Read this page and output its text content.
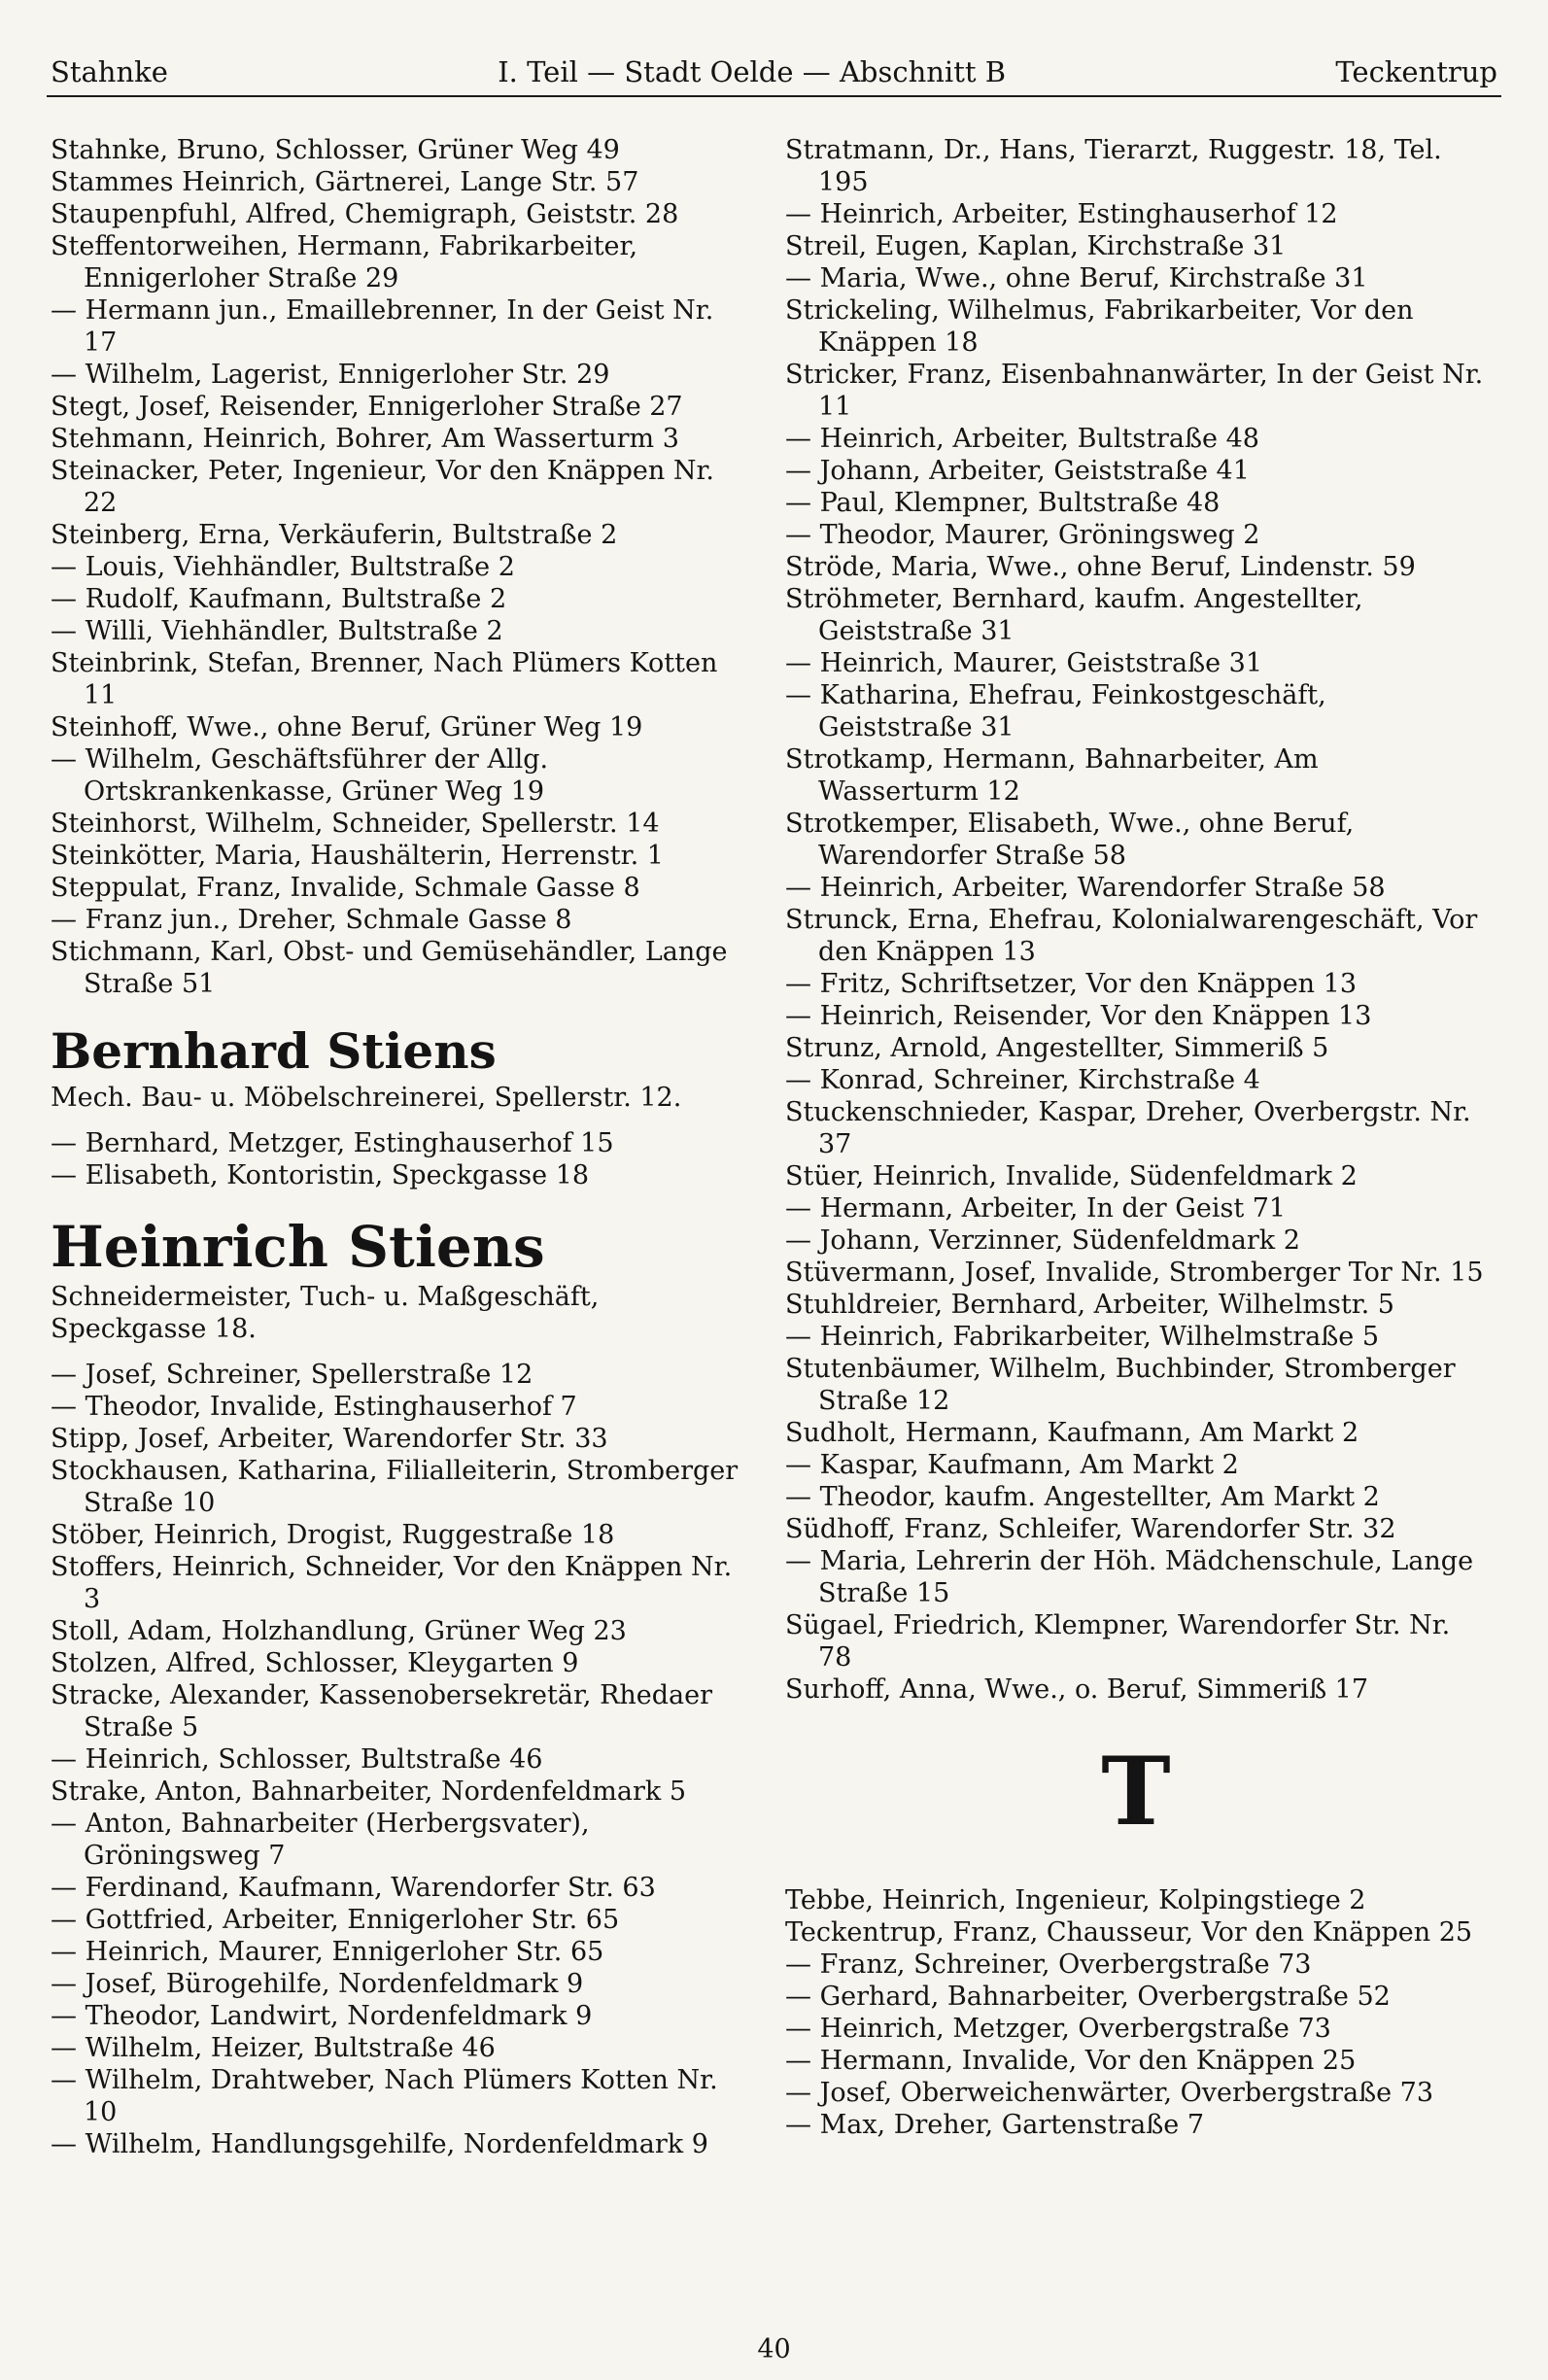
Stahnke	I. Teil — Stadt Oelde — Abschnitt B	Teckentrup
Stahnke, Bruno, Schlosser, Grüner Weg 49
Stammes Heinrich, Gärtnerei, Lange Str. 57
Staupenpfuhl, Alfred, Chemigraph, Geiststr. 28
Steffentorweihen, Hermann, Fabrikarbeiter, Ennigerloher Straße 29
— Hermann jun., Emaillebrenner, In der Geist Nr. 17
— Wilhelm, Lagerist, Ennigerloher Str. 29
Stegt, Josef, Reisender, Ennigerloher Straße 27
Stehmann, Heinrich, Bohrer, Am Wasserturm 3
Steinacker, Peter, Ingenieur, Vor den Knäppen Nr. 22
Steinberg, Erna, Verkäuferin, Bultstraße 2
— Louis, Viehhändler, Bultstraße 2
— Rudolf, Kaufmann, Bultstraße 2
— Willi, Viehhändler, Bultstraße 2
Steinbrink, Stefan, Brenner, Nach Plümers Kotten 11
Steinhoff, Wwe., ohne Beruf, Grüner Weg 19
— Wilhelm, Geschäftsführer der Allg. Ortskrankenkasse, Grüner Weg 19
Steinhorst, Wilhelm, Schneider, Spellerstr. 14
Steinkötter, Maria, Haushälterin, Herrenstr. 1
Steppulat, Franz, Invalide, Schmale Gasse 8
— Franz jun., Dreher, Schmale Gasse 8
Stichmann, Karl, Obst- und Gemüsehändler, Lange Straße 51
Bernhard Stiens
Mech. Bau- u. Möbelschreinerei, Spellerstr. 12.
— Bernhard, Metzger, Estinghauserhof 15
— Elisabeth, Kontoristin, Speckgasse 18
Heinrich Stiens
Schneidermeister, Tuch- u. Maßgeschäft, Speckgasse 18.
— Josef, Schreiner, Spellerstraße 12
— Theodor, Invalide, Estinghauserhof 7
Stipp, Josef, Arbeiter, Warendorfer Str. 33
Stockhausen, Katharina, Filialleiterin, Stromberger Straße 10
Stöber, Heinrich, Drogist, Ruggestraße 18
Stoffers, Heinrich, Schneider, Vor den Knäppen Nr. 3
Stoll, Adam, Holzhandlung, Grüner Weg 23
Stolzen, Alfred, Schlosser, Kleygarten 9
Stracke, Alexander, Kassenobersekretär, Rhedaer Straße 5
— Heinrich, Schlosser, Bultstraße 46
Strake, Anton, Bahnarbeiter, Nordenfeldmark 5
— Anton, Bahnarbeiter (Herbergsvater), Gröningsweg 7
— Ferdinand, Kaufmann, Warendorfer Str. 63
— Gottfried, Arbeiter, Ennigerloher Str. 65
— Heinrich, Maurer, Ennigerloher Str. 65
— Josef, Bürogehilfe, Nordenfeldmark 9
— Theodor, Landwirt, Nordenfeldmark 9
— Wilhelm, Heizer, Bultstraße 46
— Wilhelm, Drahtweber, Nach Plümers Kotten Nr. 10
— Wilhelm, Handlungsgehilfe, Nordenfeldmark 9
Stratmann, Dr., Hans, Tierarzt, Ruggestr. 18, Tel. 195
— Heinrich, Arbeiter, Estinghauserhof 12
Streil, Eugen, Kaplan, Kirchstraße 31
— Maria, Wwe., ohne Beruf, Kirchstraße 31
Strickeling, Wilhelmus, Fabrikarbeiter, Vor den Knäppen 18
Stricker, Franz, Eisenbahnanwärter, In der Geist Nr. 11
— Heinrich, Arbeiter, Bultstraße 48
— Johann, Arbeiter, Geiststraße 41
— Paul, Klempner, Bultstraße 48
— Theodor, Maurer, Gröningsweg 2
Ströde, Maria, Wwe., ohne Beruf, Lindenstr. 59
Ströhmeter, Bernhard, kaufm. Angestellter, Geiststraße 31
— Heinrich, Maurer, Geiststraße 31
— Katharina, Ehefrau, Feinkostgeschäft, Geiststraße 31
Strotkamp, Hermann, Bahnarbeiter, Am Wasserturm 12
Strotkemper, Elisabeth, Wwe., ohne Beruf, Warendorfer Straße 58
— Heinrich, Arbeiter, Warendorfer Straße 58
Strunck, Erna, Ehefrau, Kolonialwarengeschäft, Vor den Knäppen 13
— Fritz, Schriftsetzer, Vor den Knäppen 13
— Heinrich, Reisender, Vor den Knäppen 13
Strunz, Arnold, Angestellter, Simmeriß 5
— Konrad, Schreiner, Kirchstraße 4
Stuckenschnieder, Kaspar, Dreher, Overbergstr. Nr. 37
Stüer, Heinrich, Invalide, Südenfeldmark 2
— Hermann, Arbeiter, In der Geist 71
— Johann, Verzinner, Südenfeldmark 2
Stüvermann, Josef, Invalide, Stromberger Tor Nr. 15
Stuhldreier, Bernhard, Arbeiter, Wilhelmstr. 5
— Heinrich, Fabrikarbeiter, Wilhelmstraße 5
Stutenbäumer, Wilhelm, Buchbinder, Stromberger Straße 12
Sudholt, Hermann, Kaufmann, Am Markt 2
— Kaspar, Kaufmann, Am Markt 2
— Theodor, kaufm. Angestellter, Am Markt 2
Südhoff, Franz, Schleifer, Warendorfer Str. 32
— Maria, Lehrerin der Höh. Mädchenschule, Lange Straße 15
Sügael, Friedrich, Klempner, Warendorfer Str. Nr. 78
Surhoff, Anna, Wwe., o. Beruf, Simmeriß 17
T
Tebbe, Heinrich, Ingenieur, Kolpingstiege 2
Teckentrup, Franz, Chausseur, Vor den Knäppen 25
— Franz, Schreiner, Overbergstraße 73
— Gerhard, Bahnarbeiter, Overbergstraße 52
— Heinrich, Metzger, Overbergstraße 73
— Hermann, Invalide, Vor den Knäppen 25
— Josef, Oberweichenwärter, Overbergstraße 73
— Max, Dreher, Gartenstraße 7
40
